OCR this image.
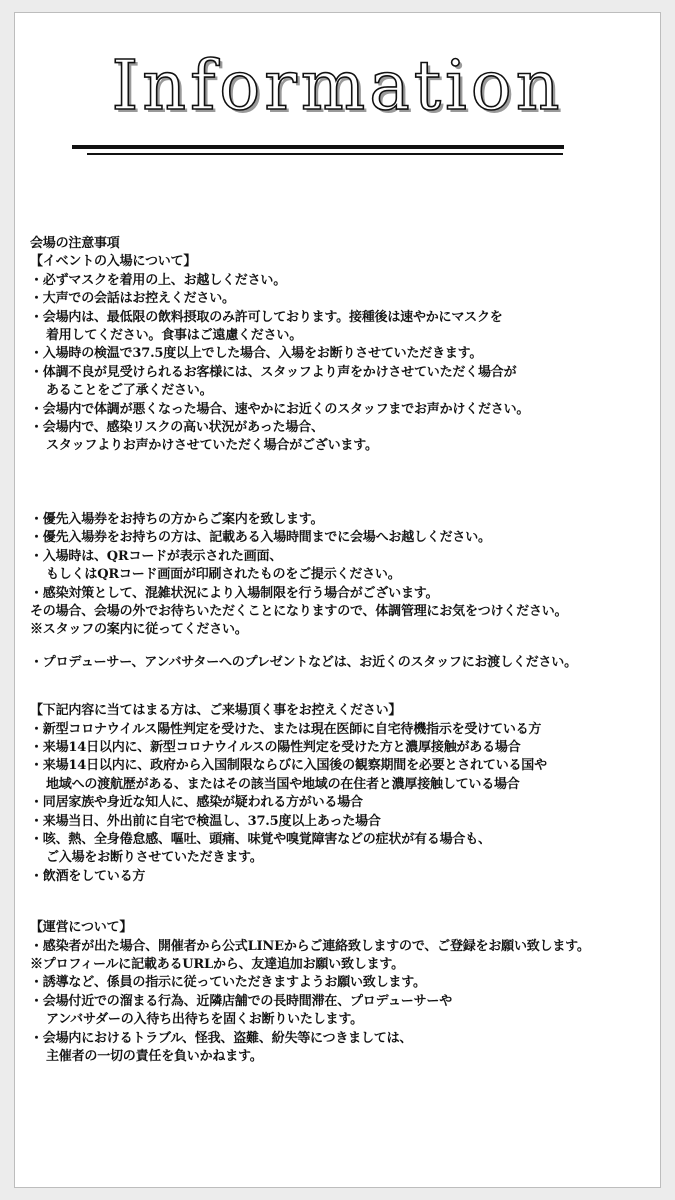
Information
会場の注意事項
【イベントの入場について】
・必ずマスクを着用の上、お越しください。
・大声での会話はお控えください。
・会場内は、最低限の飲料摂取のみ許可しております。接種後は速やかにマスクを
着用してください。食事はご遠慮ください。
・入場時の検温で37.5度以上でした場合、入場をお断りさせていただきます。
・体調不良が見受けられるお客様には、スタッフより声をかけさせていただく場合が
あることをご了承ください。
・会場内で体調が悪くなった場合、速やかにお近くのスタッフまでお声かけください。
・会場内で、感染リスクの高い状況があった場合、
スタッフよりお声かけさせていただく場合がございます。
・優先入場券をお持ちの方からご案内を致します。
・優先入場券をお持ちの方は、記載ある入場時間までに会場へお越しください。
・入場時は、QRコードが表示された画面、
もしくはQRコード画面が印刷されたものをご提示ください。
・感染対策として、混雑状況により入場制限を行う場合がございます。
その場合、会場の外でお待ちいただくことになりますので、体調管理にお気をつけください。
※スタッフの案内に従ってください。
・プロデューサー、アンバサターへのプレゼントなどは、お近くのスタッフにお渡しください。
【下記内容に当てはまる方は、ご来場頂く事をお控えください】
・新型コロナウイルス陽性判定を受けた、または現在医師に自宅待機指示を受けている方
・来場14日以内に、新型コロナウイルスの陽性判定を受けた方と濃厚接触がある場合
・来場14日以内に、政府から入国制限ならびに入国後の観察期間を必要とされている国や
地域への渡航歴がある、またはその該当国や地域の在住者と濃厚接触している場合
・同居家族や身近な知人に、感染が疑われる方がいる場合
・来場当日、外出前に自宅で検温し、37.5度以上あった場合
・咳、熱、全身倦怠感、嘔吐、頭痛、味覚や嗅覚障害などの症状が有る場合も、
ご入場をお断りさせていただきます。
・飲酒をしている方
【運営について】
・感染者が出た場合、開催者から公式LINEからご連絡致しますので、ご登録をお願い致します。
※プロフィールに記載あるURLから、友達追加お願い致します。
・誘導など、係員の指示に従っていただきますようお願い致します。
・会場付近での溜まる行為、近隣店舗での長時間滞在、プロデューサーや
アンバサダーの入待ち出待ちを固くお断りいたします。
・会場内におけるトラブル、怪我、盗難、紛失等につきましては、
主催者の一切の責任を負いかねます。
